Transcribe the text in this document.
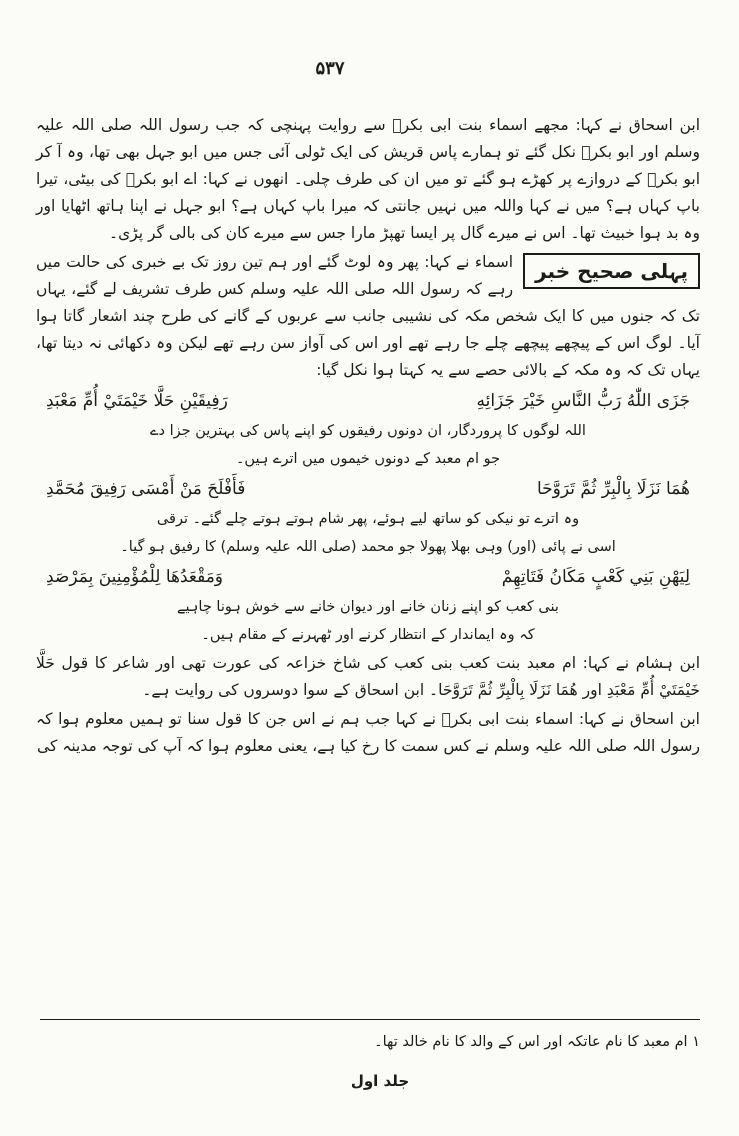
۵۳۷

ابن اسحاق نے کہا: مجھے اسماء بنت ابی بکرؓ سے روایت پہنچی کہ جب رسول اللہ صلی اللہ علیہ وسلم اور ابو بکرؓ نکل گئے تو ہمارے پاس قریش کی ایک ٹولی آئی جس میں ابو جہل بھی تھا، وہ آ کر ابو بکرؓ کے دروازے پر کھڑے ہو گئے تو میں ان کی طرف چلی۔ انھوں نے کہا: اے ابو بکرؓ کی بیٹی، تیرا باپ کہاں ہے؟ میں نے کہا واللہ میں نہیں جانتی کہ میرا باپ کہاں ہے؟ ابو جہل نے اپنا ہاتھ اٹھایا اور وہ بد ہوا خبیث تھا۔ اس نے میرے گال پر ایسا تھپڑ مارا جس سے میرے کان کی بالی گر پڑی۔

پہلی صحیح خبر
اسماء نے کہا: پھر وہ لوٹ گئے اور ہم تین روز تک بے خبری کی حالت میں رہے کہ رسول اللہ صلی اللہ علیہ وسلم کس طرف تشریف لے گئے، یہاں تک کہ جنوں میں کا ایک شخص مکہ کی نشیبی جانب سے عربوں کے گانے کی طرح چند اشعار گاتا ہوا آیا۔ لوگ اس کے پیچھے پیچھے چلے جا رہے تھے اور اس کی آواز سن رہے تھے لیکن وہ دکھائی نہ دیتا تھا، یہاں تک کہ وہ مکہ کے بالائی حصے سے یہ کہتا ہوا نکل گیا:

جَزَى اللّٰهُ رَبُّ النَّاسِ خَيْرَ جَزَائِهِ
رَفِيقَيْنِ حَلَّا خَيْمَتَيْ أُمِّ مَعْبَدِ

اللہ لوگوں کا پروردگار، ان دونوں رفیقوں کو اپنے پاس کی بہترین جزا دے

جو ام معبد کے دونوں خیموں میں اترے ہیں۔

هُمَا نَزَلَا بِالْبِرِّ ثُمَّ تَرَوَّحَا
فَأَفْلَحَ مَنْ أَمْسَى رَفِيقَ مُحَمَّدِ

وہ اترے تو نیکی کو ساتھ لیے ہوئے، پھر شام ہوتے ہوتے چلے گئے۔ ترقی

اسی نے پائی (اور) وہی بھلا پھولا جو محمد (صلی اللہ علیہ وسلم) کا رفیق ہو گیا۔

لِيَهْنِ بَنِي كَعْبٍ مَكَانُ فَتَاتِهِمْ
وَمَقْعَدُهَا لِلْمُؤْمِنِينَ بِمَرْصَدِ

بنی کعب کو اپنے زنان خانے اور دیوان خانے سے خوش ہونا چاہیے

کہ وہ ایماندار کے انتظار کرنے اور ٹھہرنے کے مقام ہیں۔

ابن ہشام نے کہا: ام معبد بنت کعب بنی کعب کی شاخ خزاعہ کی عورت تھی اور شاعر کا قول حَلَّا خَيْمَتَيْ أُمِّ مَعْبَدِ اور هُمَا نَزَلَا بِالْبِرِّ ثُمَّ تَرَوَّحَا۔ ابن اسحاق کے سوا دوسروں کی روایت ہے۔

ابن اسحاق نے کہا: اسماء بنت ابی بکرؓ نے کہا جب ہم نے اس جن کا قول سنا تو ہمیں معلوم ہوا کہ رسول اللہ صلی اللہ علیہ وسلم نے کس سمت کا رخ کیا ہے، یعنی معلوم ہوا کہ آپ کی توجہ مدینہ کی

۱ ام معبد کا نام عاتکہ اور اس کے والد کا نام خالد تھا۔
جلد اول
